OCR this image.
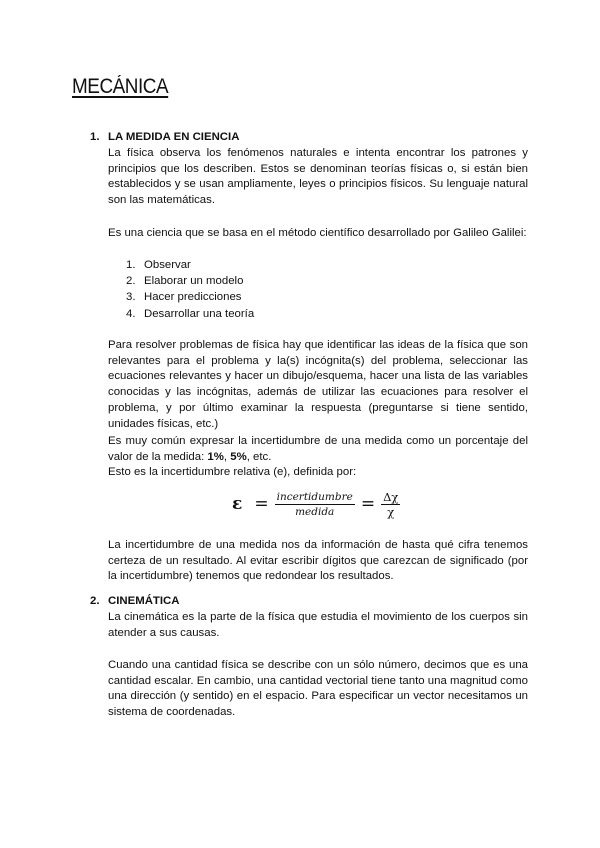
MECÁNICA
1. LA MEDIDA EN CIENCIA

La física observa los fenómenos naturales e intenta encontrar los patrones y principios que los describen. Estos se denominan teorías físicas o, si están bien establecidos y se usan ampliamente, leyes o principios físicos. Su lenguaje natural son las matemáticas.

Es una ciencia que se basa en el método científico desarrollado por Galileo Galilei:

1. Observar
2. Elaborar un modelo
3. Hacer predicciones
4. Desarrollar una teoría

Para resolver problemas de física hay que identificar las ideas de la física que son relevantes para el problema y la(s) incógnita(s) del problema, seleccionar las ecuaciones relevantes y hacer un dibujo/esquema, hacer una lista de las variables conocidas y las incógnitas, además de utilizar las ecuaciones para resolver el problema, y por último examinar la respuesta (preguntarse si tiene sentido, unidades físicas, etc.)

Es muy común expresar la incertidumbre de una medida como un porcentaje del valor de la medida: 1%, 5%, etc.

Esto es la incertidumbre relativa (e), definida por:

$\varepsilon = \frac{\text{incertidumbre}}{\text{medida}} = \frac{\Delta\chi}{\chi}$

La incertidumbre de una medida nos da información de hasta qué cifra tenemos certeza de un resultado. Al evitar escribir dígitos que carezcan de significado (por la incertidumbre) tenemos que redondear los resultados.

2. CINEMÁTICA

La cinemática es la parte de la física que estudia el movimiento de los cuerpos sin atender a sus causas.

Cuando una cantidad física se describe con un sólo número, decimos que es una cantidad escalar. En cambio, una cantidad vectorial tiene tanto una magnitud como una dirección (y sentido) en el espacio. Para especificar un vector necesitamos un sistema de coordenadas.
